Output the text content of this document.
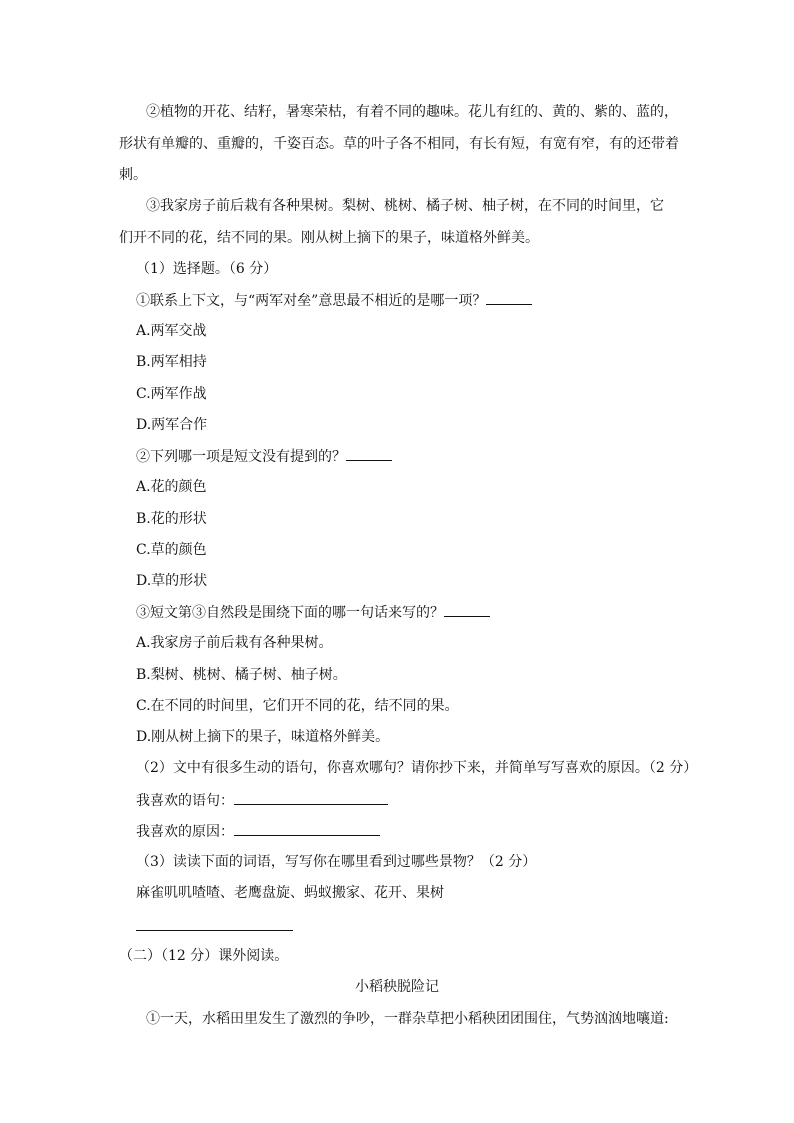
②植物的开花、结籽，暑寒荣枯，有着不同的趣味。花儿有红的、黄的、紫的、蓝的，
形状有单瓣的、重瓣的，千姿百态。草的叶子各不相同，有长有短，有宽有窄，有的还带着
刺。
③我家房子前后栽有各种果树。梨树、桃树、橘子树、柚子树，在不同的时间里，它
们开不同的花，结不同的果。刚从树上摘下的果子，味道格外鲜美。
（1）选择题。（6 分）
①联系上下文，与“两军对垒”意思最不相近的是哪一项？
A.两军交战
B.两军相持
C.两军作战
D.两军合作
②下列哪一项是短文没有提到的？
A.花的颜色
B.花的形状
C.草的颜色
D.草的形状
③短文第③自然段是围绕下面的哪一句话来写的？
A.我家房子前后栽有各种果树。
B.梨树、桃树、橘子树、柚子树。
C.在不同的时间里，它们开不同的花，结不同的果。
D.刚从树上摘下的果子，味道格外鲜美。
（2）文中有很多生动的语句，你喜欢哪句？请你抄下来，并简单写写喜欢的原因。（2 分）
我喜欢的语句：
我喜欢的原因：
（3）读读下面的词语，写写你在哪里看到过哪些景物？（2 分）
麻雀叽叽喳喳、老鹰盘旋、蚂蚁搬家、花开、果树
（二）（12 分）课外阅读。
小稻秧脱险记
①一天，水稻田里发生了激烈的争吵，一群杂草把小稻秧团团围住，气势汹汹地嚷道:
